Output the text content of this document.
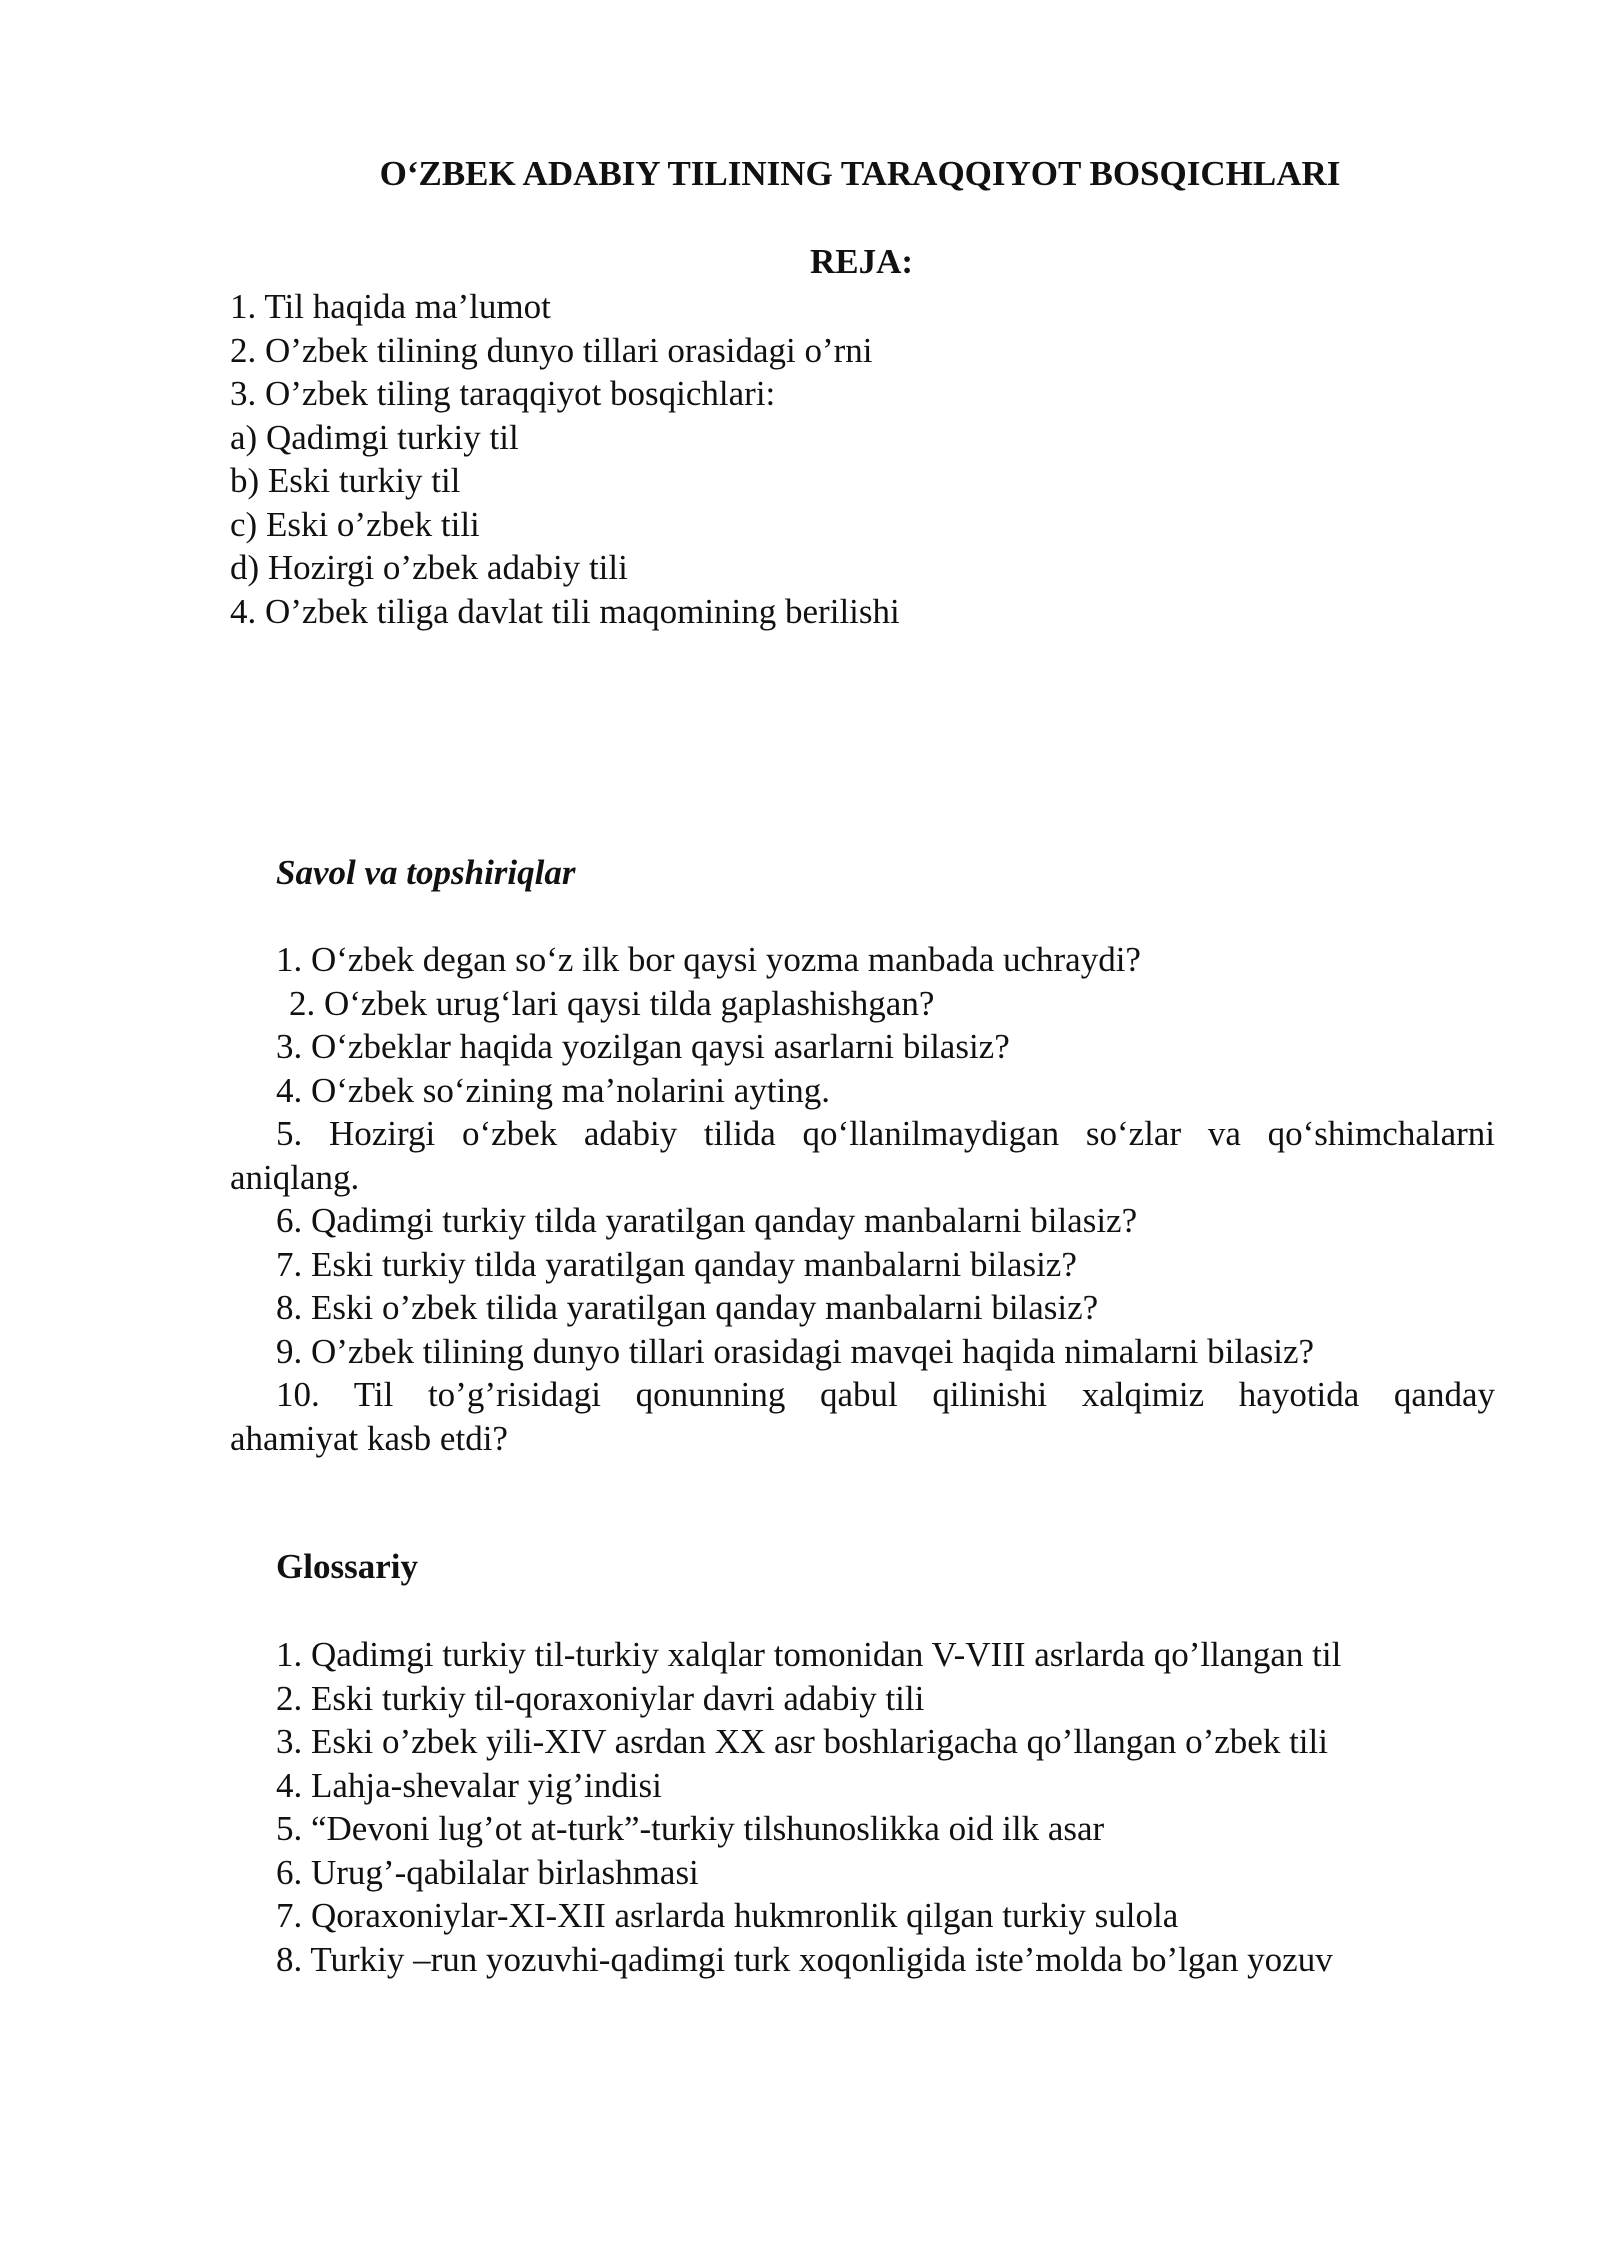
O‘ZBEK ADABIY TILINING TARAQQIYOT BOSQICHLARI
REJA:
1. Til haqida ma’lumot
2. O’zbek tilining dunyo tillari orasidagi o’rni
3. O’zbek tiling taraqqiyot bosqichlari:
a) Qadimgi turkiy til
b) Eski turkiy til
c) Eski o’zbek tili
d) Hozirgi o’zbek adabiy tili
4. O’zbek tiliga davlat tili maqomining berilishi
Savol va topshiriqlar
1. O‘zbek degan so‘z ilk bor qaysi yozma manbada uchraydi?
2. O‘zbek urug‘lari qaysi tilda gaplashishgan?
3. O‘zbeklar haqida yozilgan qaysi asarlarni bilasiz?
4. O‘zbek so‘zining ma’nolarini ayting.
5. Hozirgi o‘zbek adabiy tilida qo‘llanilmaydigan so‘zlar va qo‘shimchalarni
aniqlang.
6. Qadimgi turkiy tilda yaratilgan qanday manbalarni bilasiz?
7. Eski turkiy tilda yaratilgan qanday manbalarni bilasiz?
8. Eski o’zbek tilida yaratilgan qanday manbalarni bilasiz?
9. O’zbek tilining dunyo tillari orasidagi mavqei haqida nimalarni bilasiz?
10. Til to’g’risidagi qonunning qabul qilinishi xalqimiz hayotida qanday
ahamiyat kasb etdi?
Glossariy
1. Qadimgi turkiy til-turkiy xalqlar tomonidan V-VIII asrlarda qo’llangan til
2. Eski turkiy til-qoraxoniylar davri adabiy tili
3. Eski o’zbek yili-XIV asrdan XX asr boshlarigacha qo’llangan o’zbek tili
4. Lahja-shevalar yig’indisi
5. “Devoni lug’ot at-turk”-turkiy tilshunoslikka oid ilk asar
6. Urug’-qabilalar birlashmasi
7. Qoraxoniylar-XI-XII asrlarda hukmronlik qilgan turkiy sulola
8. Turkiy –run yozuvhi-qadimgi turk xoqonligida iste’molda bo’lgan yozuv
